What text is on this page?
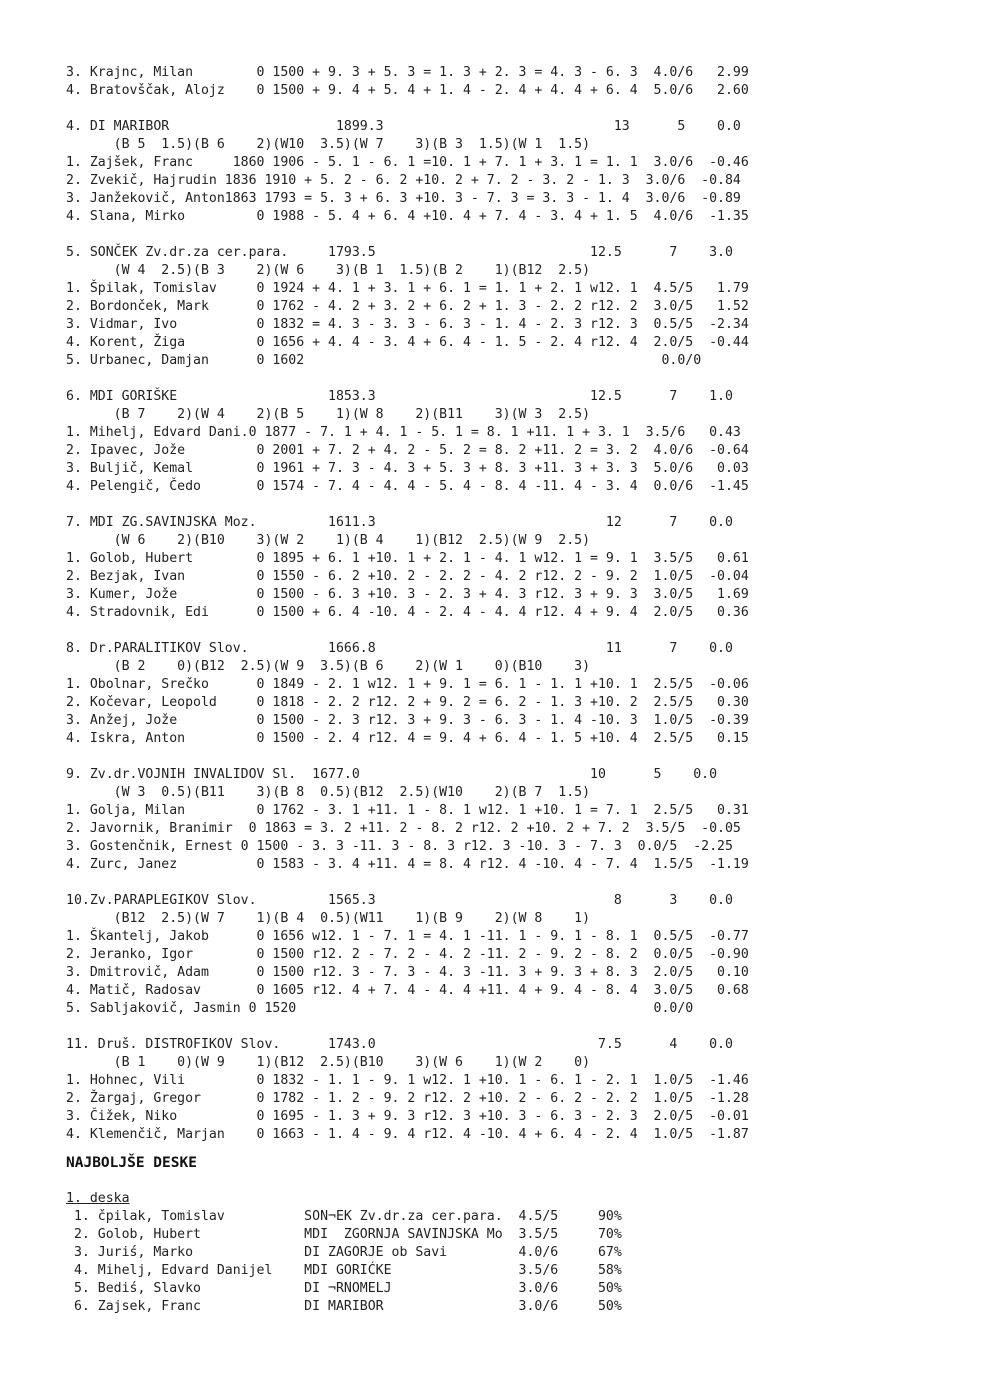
3. Krajnc, Milan        0 1500 + 9. 3 + 5. 3 = 1. 3 + 2. 3 = 4. 3 - 6. 3  4.0/6   2.99
4. Bratovščak, Alojz    0 1500 + 9. 4 + 5. 4 + 1. 4 - 2. 4 + 4. 4 + 6. 4  5.0/6   2.60
4. DI MARIBOR                     1899.3                             13      5    0.0
(B 5  1.5)(B 6    2)(W10  3.5)(W 7    3)(B 3  1.5)(W 1  1.5)
1. Zajšek, Franc     1860 1906 - 5. 1 - 6. 1 =10. 1 + 7. 1 + 3. 1 = 1. 1  3.0/6  -0.46
2. Zvekič, Hajrudin 1836 1910 + 5. 2 - 6. 2 +10. 2 + 7. 2 - 3. 2 - 1. 3  3.0/6  -0.84
3. Janžekovič, Anton1863 1793 = 5. 3 + 6. 3 +10. 3 - 7. 3 = 3. 3 - 1. 4  3.0/6  -0.89
4. Slana, Mirko         0 1988 - 5. 4 + 6. 4 +10. 4 + 7. 4 - 3. 4 + 1. 5  4.0/6  -1.35
5. SONČEK Zv.dr.za cer.para.     1793.5                           12.5      7    3.0
(W 4  2.5)(B 3    2)(W 6    3)(B 1  1.5)(B 2    1)(B12  2.5)
1. Špilak, Tomislav     0 1924 + 4. 1 + 3. 1 + 6. 1 = 1. 1 + 2. 1 w12. 1  4.5/5   1.79
2. Bordonček, Mark      0 1762 - 4. 2 + 3. 2 + 6. 2 + 1. 3 - 2. 2 r12. 2  3.0/5   1.52
3. Vidmar, Ivo          0 1832 = 4. 3 - 3. 3 - 6. 3 - 1. 4 - 2. 3 r12. 3  0.5/5  -2.34
4. Korent, Žiga         0 1656 + 4. 4 - 3. 4 + 6. 4 - 1. 5 - 2. 4 r12. 4  2.0/5  -0.44
5. Urbanec, Damjan      0 1602                                             0.0/0
6. MDI GORIŠKE                   1853.3                           12.5      7    1.0
(B 7    2)(W 4    2)(B 5    1)(W 8    2)(B11    3)(W 3  2.5)
1. Mihelj, Edvard Dani.0 1877 - 7. 1 + 4. 1 - 5. 1 = 8. 1 +11. 1 + 3. 1  3.5/6   0.43
2. Ipavec, Jože         0 2001 + 7. 2 + 4. 2 - 5. 2 = 8. 2 +11. 2 = 3. 2  4.0/6  -0.64
3. Buljič, Kemal        0 1961 + 7. 3 - 4. 3 + 5. 3 + 8. 3 +11. 3 + 3. 3  5.0/6   0.03
4. Pelengič, Čedo       0 1574 - 7. 4 - 4. 4 - 5. 4 - 8. 4 -11. 4 - 3. 4  0.0/6  -1.45
7. MDI ZG.SAVINJSKA Moz.         1611.3                             12      7    0.0
(W 6    2)(B10    3)(W 2    1)(B 4    1)(B12  2.5)(W 9  2.5)
1. Golob, Hubert        0 1895 + 6. 1 +10. 1 + 2. 1 - 4. 1 w12. 1 = 9. 1  3.5/5   0.61
2. Bezjak, Ivan         0 1550 - 6. 2 +10. 2 - 2. 2 - 4. 2 r12. 2 - 9. 2  1.0/5  -0.04
3. Kumer, Jože          0 1500 - 6. 3 +10. 3 - 2. 3 + 4. 3 r12. 3 + 9. 3  3.0/5   1.69
4. Stradovnik, Edi      0 1500 + 6. 4 -10. 4 - 2. 4 - 4. 4 r12. 4 + 9. 4  2.0/5   0.36
8. Dr.PARALITIKOV Slov.          1666.8                             11      7    0.0
(B 2    0)(B12  2.5)(W 9  3.5)(B 6    2)(W 1    0)(B10    3)
1. Obolnar, Srečko      0 1849 - 2. 1 w12. 1 + 9. 1 = 6. 1 - 1. 1 +10. 1  2.5/5  -0.06
2. Kočevar, Leopold     0 1818 - 2. 2 r12. 2 + 9. 2 = 6. 2 - 1. 3 +10. 2  2.5/5   0.30
3. Anžej, Jože          0 1500 - 2. 3 r12. 3 + 9. 3 - 6. 3 - 1. 4 -10. 3  1.0/5  -0.39
4. Iskra, Anton         0 1500 - 2. 4 r12. 4 = 9. 4 + 6. 4 - 1. 5 +10. 4  2.5/5   0.15
9. Zv.dr.VOJNIH INVALIDOV Sl.  1677.0                             10      5    0.0
(W 3  0.5)(B11    3)(B 8  0.5)(B12  2.5)(W10    2)(B 7  1.5)
1. Golja, Milan         0 1762 - 3. 1 +11. 1 - 8. 1 w12. 1 +10. 1 = 7. 1  2.5/5   0.31
2. Javornik, Branimir  0 1863 = 3. 2 +11. 2 - 8. 2 r12. 2 +10. 2 + 7. 2  3.5/5  -0.05
3. Gostenčnik, Ernest 0 1500 - 3. 3 -11. 3 - 8. 3 r12. 3 -10. 3 - 7. 3  0.0/5  -2.25
4. Zurc, Janez          0 1583 - 3. 4 +11. 4 = 8. 4 r12. 4 -10. 4 - 7. 4  1.5/5  -1.19
10.Zv.PARAPLEGIKOV Slov.         1565.3                              8      3    0.0
(B12  2.5)(W 7    1)(B 4  0.5)(W11    1)(B 9    2)(W 8    1)
1. Škantelj, Jakob      0 1656 w12. 1 - 7. 1 = 4. 1 -11. 1 - 9. 1 - 8. 1  0.5/5  -0.77
2. Jeranko, Igor        0 1500 r12. 2 - 7. 2 - 4. 2 -11. 2 - 9. 2 - 8. 2  0.0/5  -0.90
3. Dmitrovič, Adam      0 1500 r12. 3 - 7. 3 - 4. 3 -11. 3 + 9. 3 + 8. 3  2.0/5   0.10
4. Matič, Radosav       0 1605 r12. 4 + 7. 4 - 4. 4 +11. 4 + 9. 4 - 8. 4  3.0/5   0.68
5. Sabljakovič, Jasmin 0 1520                                             0.0/0
11. Druš. DISTROFIKOV Slov.      1743.0                            7.5      4    0.0
(B 1    0)(W 9    1)(B12  2.5)(B10    3)(W 6    1)(W 2    0)
1. Hohnec, Vili         0 1832 - 1. 1 - 9. 1 w12. 1 +10. 1 - 6. 1 - 2. 1  1.0/5  -1.46
2. Žargaj, Gregor       0 1782 - 1. 2 - 9. 2 r12. 2 +10. 2 - 6. 2 - 2. 2  1.0/5  -1.28
3. Čižek, Niko          0 1695 - 1. 3 + 9. 3 r12. 3 +10. 3 - 6. 3 - 2. 3  2.0/5  -0.01
4. Klemenčič, Marjan    0 1663 - 1. 4 - 9. 4 r12. 4 -10. 4 + 6. 4 - 2. 4  1.0/5  -1.87
NAJBOLJŠE DESKE
1. deska
1. čpilak, Tomislav          SON¬EK Zv.dr.za cer.para.  4.5/5     90%
2. Golob, Hubert             MDI  ZGORNJA SAVINJSKA Mo  3.5/5     70%
3. Juriś, Marko              DI ZAGORJE ob Savi         4.0/6     67%
4. Mihelj, Edvard Danijel    MDI GORIĆKE                3.5/6     58%
5. Bediś, Slavko             DI ¬RNOMELJ                3.0/6     50%
6. Zajsek, Franc             DI MARIBOR                 3.0/6     50%
